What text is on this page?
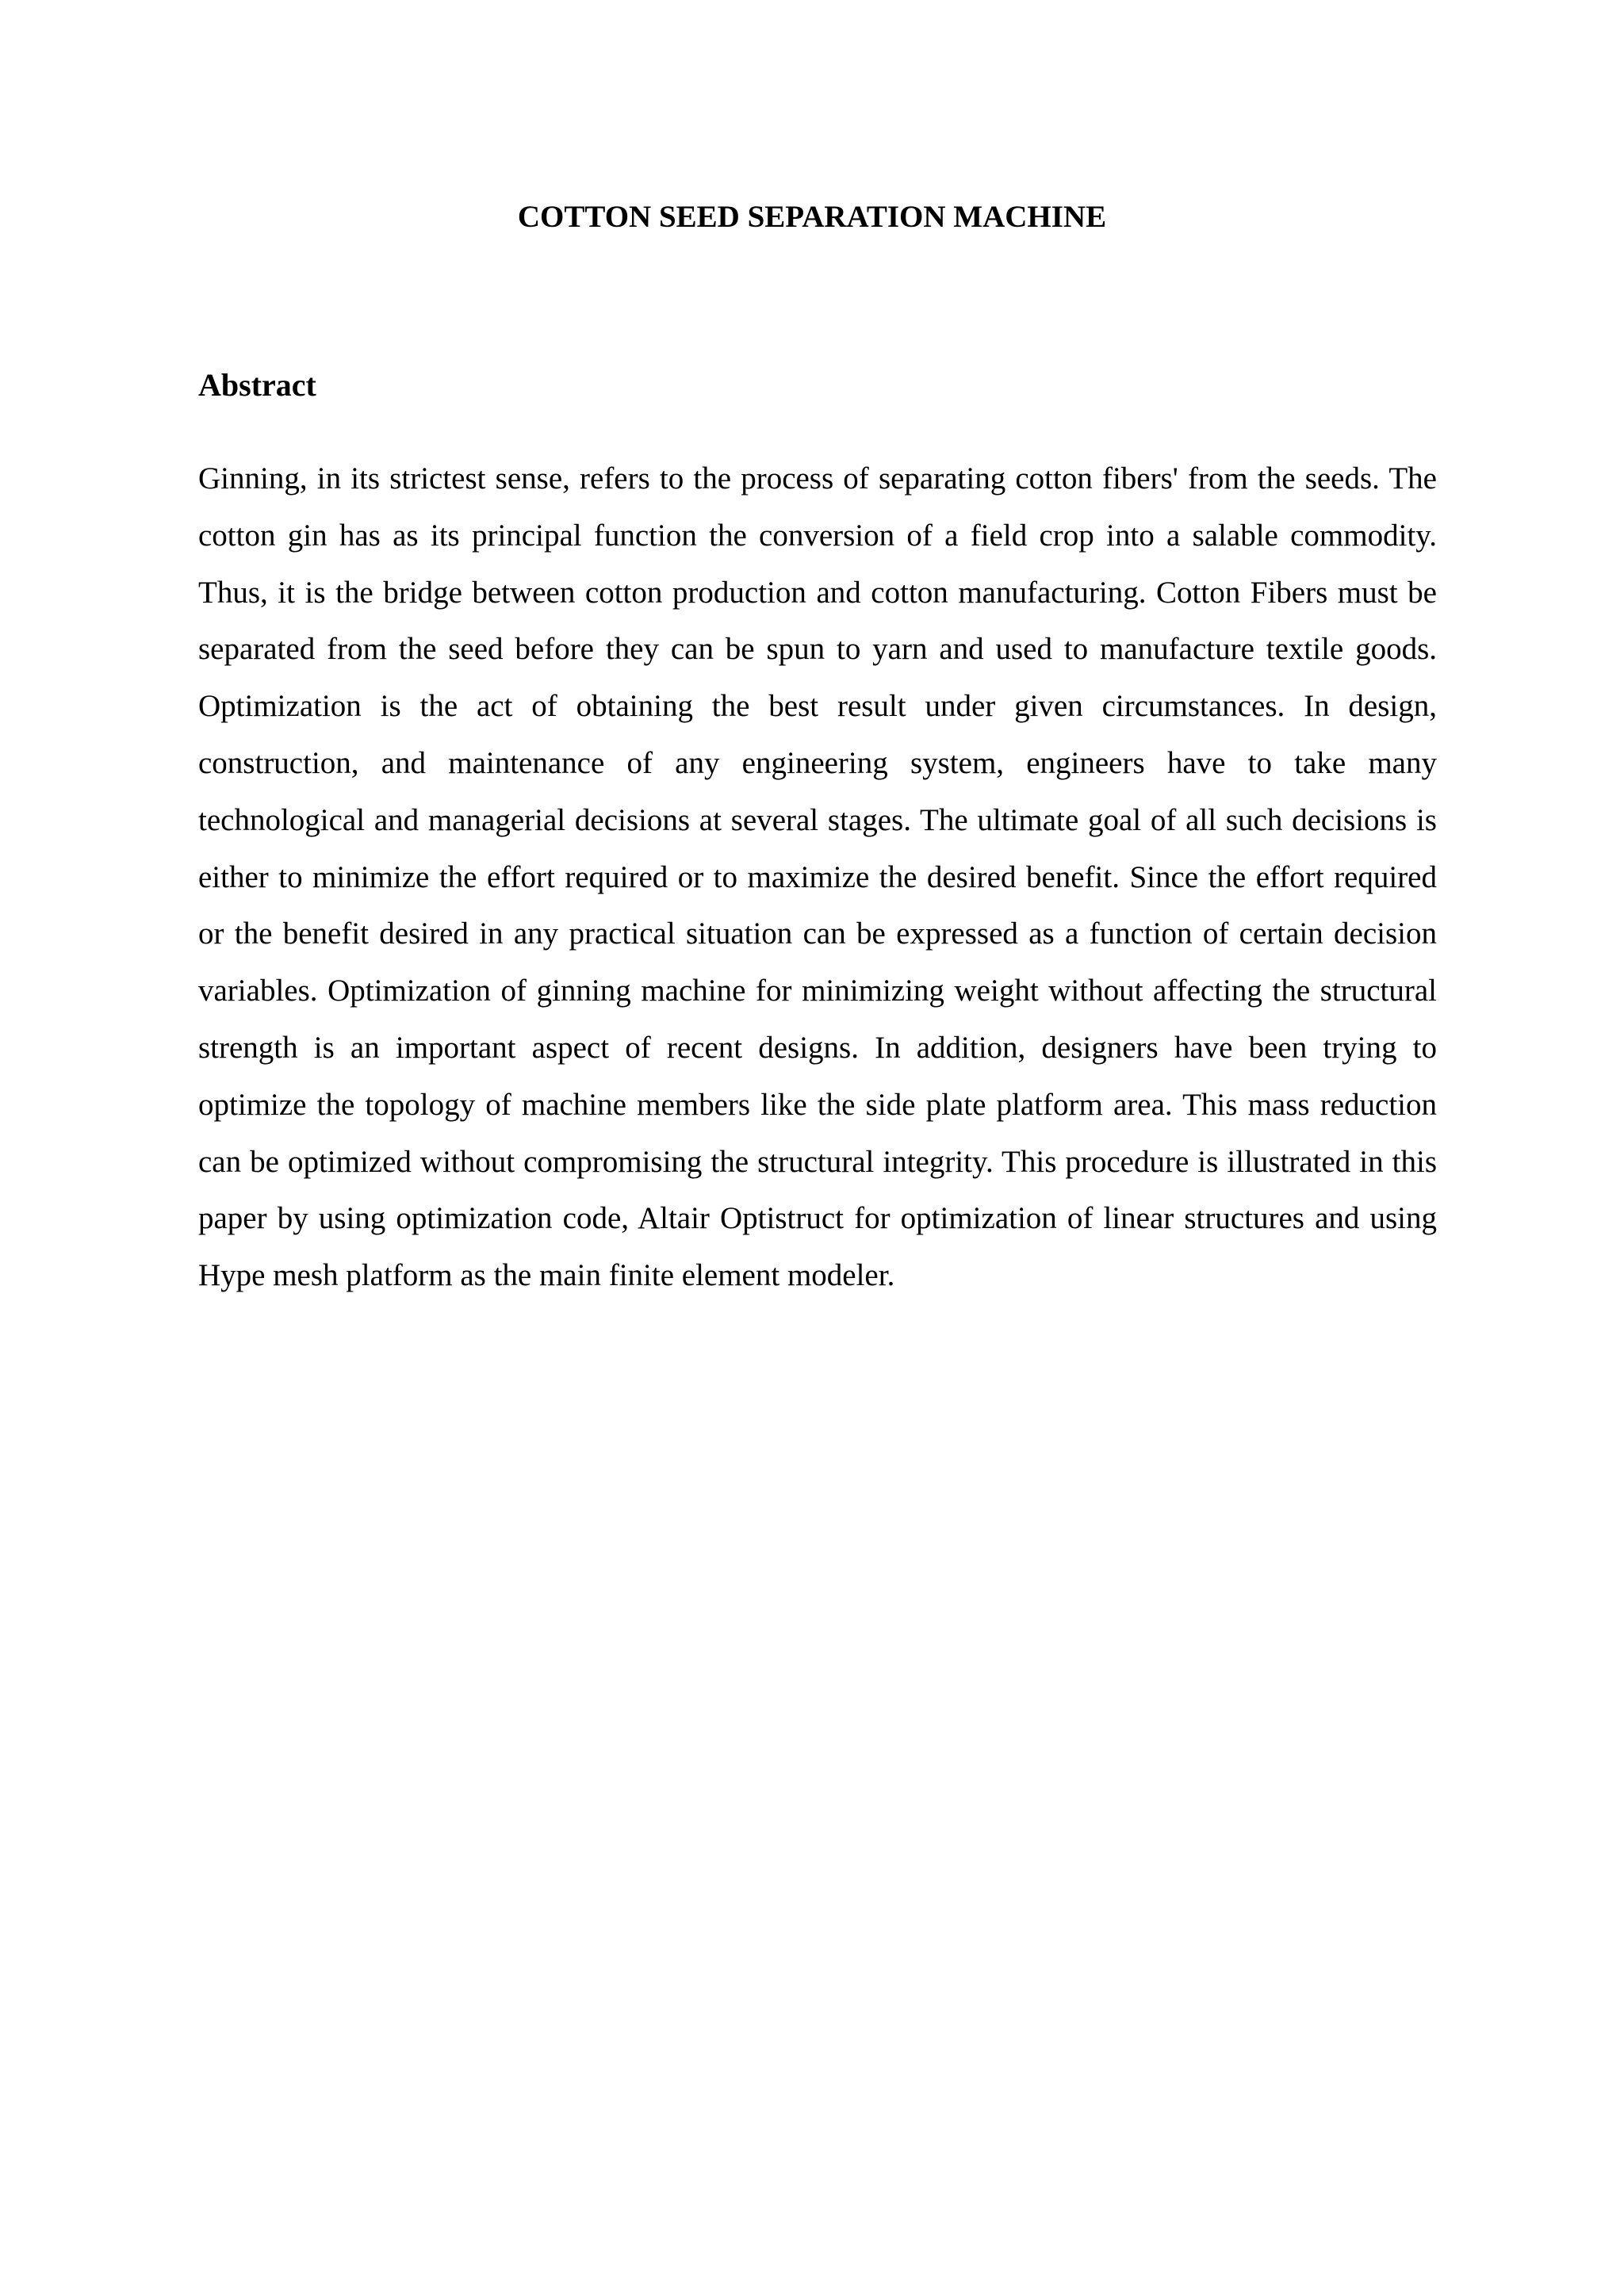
COTTON SEED SEPARATION MACHINE
Abstract

Ginning, in its strictest sense, refers to the process of separating cotton fibers' from the seeds. The cotton gin has as its principal function the conversion of a field crop into a salable commodity. Thus, it is the bridge between cotton production and cotton manufacturing. Cotton Fibers must be separated from the seed before they can be spun to yarn and used to manufacture textile goods. Optimization is the act of obtaining the best result under given circumstances. In design, construction, and maintenance of any engineering system, engineers have to take many technological and managerial decisions at several stages. The ultimate goal of all such decisions is either to minimize the effort required or to maximize the desired benefit. Since the effort required or the benefit desired in any practical situation can be expressed as a function of certain decision variables. Optimization of ginning machine for minimizing weight without affecting the structural strength is an important aspect of recent designs. In addition, designers have been trying to optimize the topology of machine members like the side plate platform area. This mass reduction can be optimized without compromising the structural integrity. This procedure is illustrated in this paper by using optimization code, Altair Optistruct for optimization of linear structures and using Hype mesh platform as the main finite element modeler.
